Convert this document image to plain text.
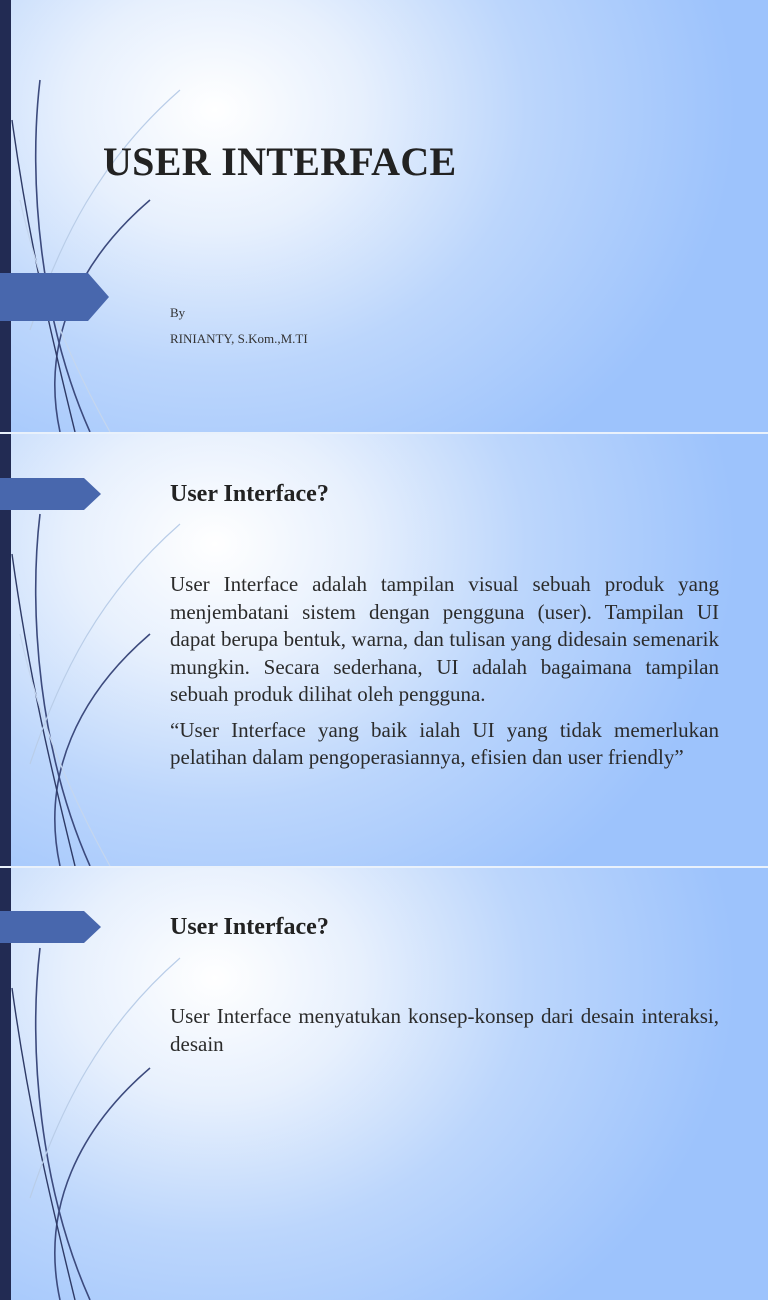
USER INTERFACE
By
RINIANTY, S.Kom.,M.TI
User Interface?

User Interface adalah tampilan visual sebuah produk yang menjembatani sistem dengan pengguna (user). Tampilan UI dapat berupa bentuk, warna, dan tulisan yang didesain semenarik mungkin. Secara sederhana, UI adalah bagaimana tampilan sebuah produk dilihat oleh pengguna.

“User Interface yang baik ialah UI yang tidak memerlukan pelatihan dalam pengoperasiannya, efisien dan user friendly”

User Interface?

User Interface menyatukan konsep-konsep dari desain interaksi, desain
